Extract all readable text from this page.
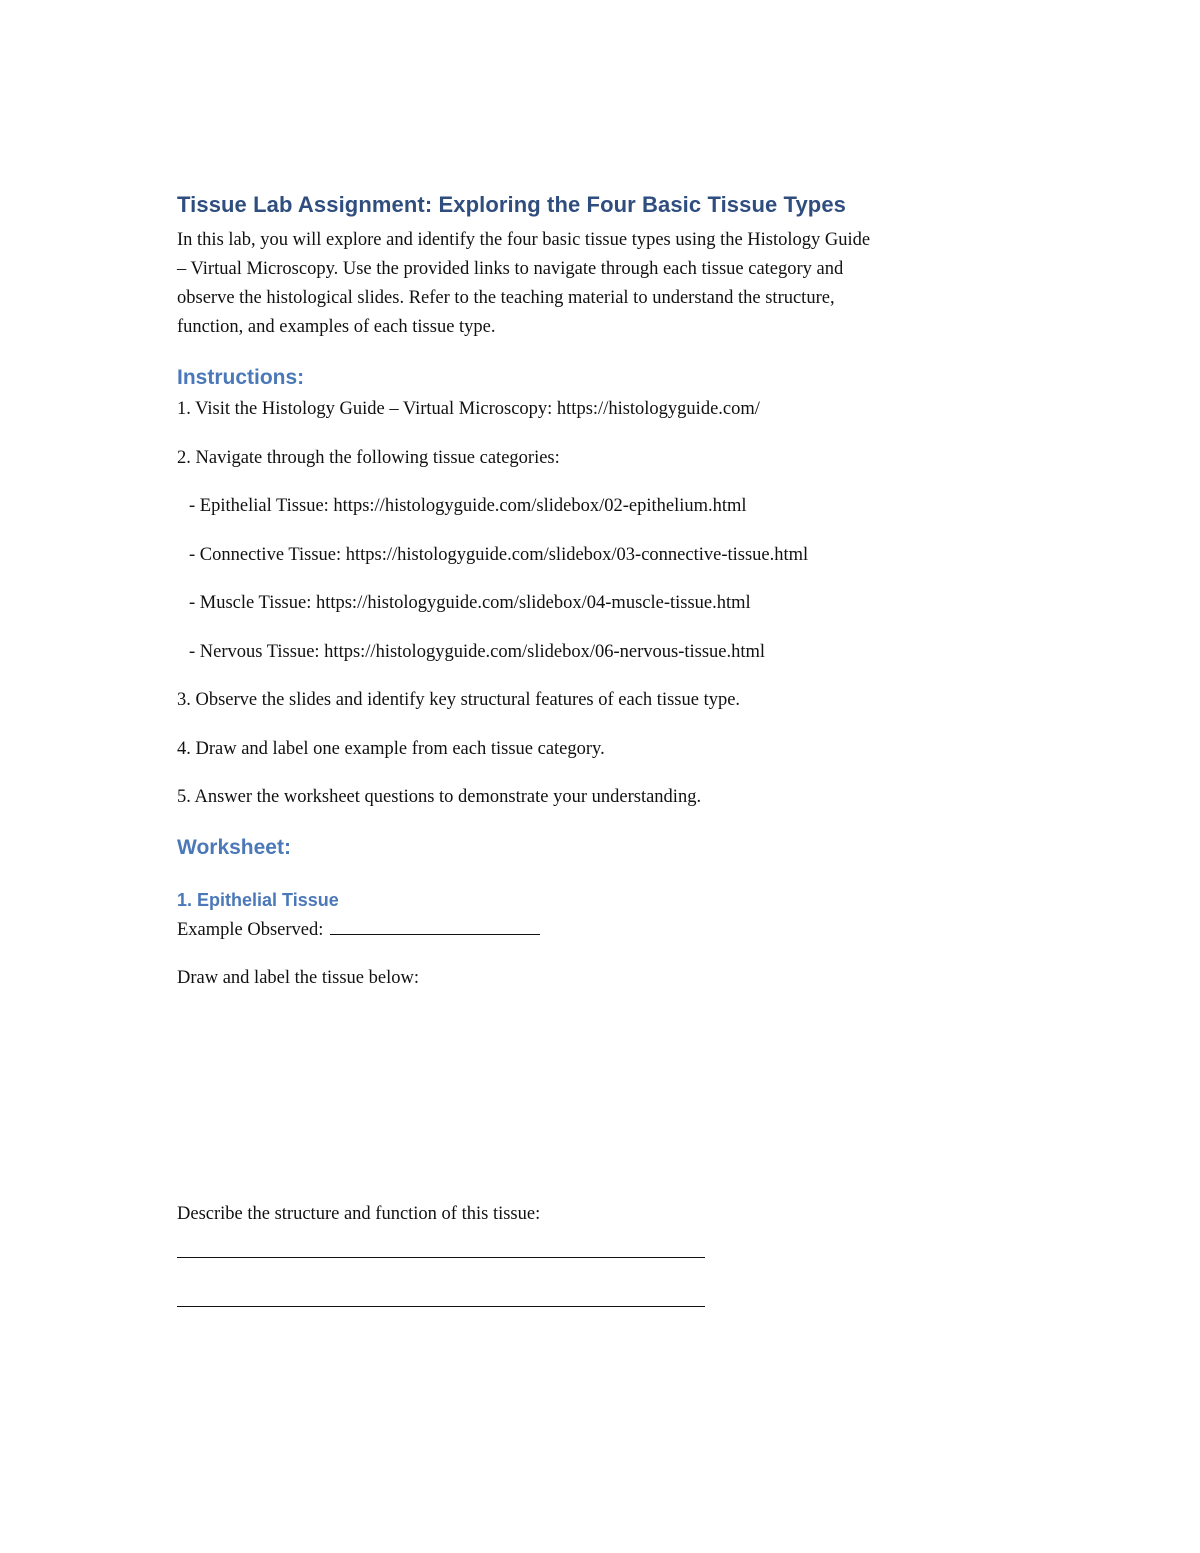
Tissue Lab Assignment: Exploring the Four Basic Tissue Types

In this lab, you will explore and identify the four basic tissue types using the Histology Guide
– Virtual Microscopy. Use the provided links to navigate through each tissue category and
observe the histological slides. Refer to the teaching material to understand the structure,
function, and examples of each tissue type.

Instructions:

1. Visit the Histology Guide – Virtual Microscopy: https://histologyguide.com/

2. Navigate through the following tissue categories:

- Epithelial Tissue: https://histologyguide.com/slidebox/02-epithelium.html

- Connective Tissue: https://histologyguide.com/slidebox/03-connective-tissue.html

- Muscle Tissue: https://histologyguide.com/slidebox/04-muscle-tissue.html

- Nervous Tissue: https://histologyguide.com/slidebox/06-nervous-tissue.html

3. Observe the slides and identify key structural features of each tissue type.

4. Draw and label one example from each tissue category.

5. Answer the worksheet questions to demonstrate your understanding.

Worksheet:
1. Epithelial Tissue

Example Observed:

Draw and label the tissue below:

Describe the structure and function of this tissue:
